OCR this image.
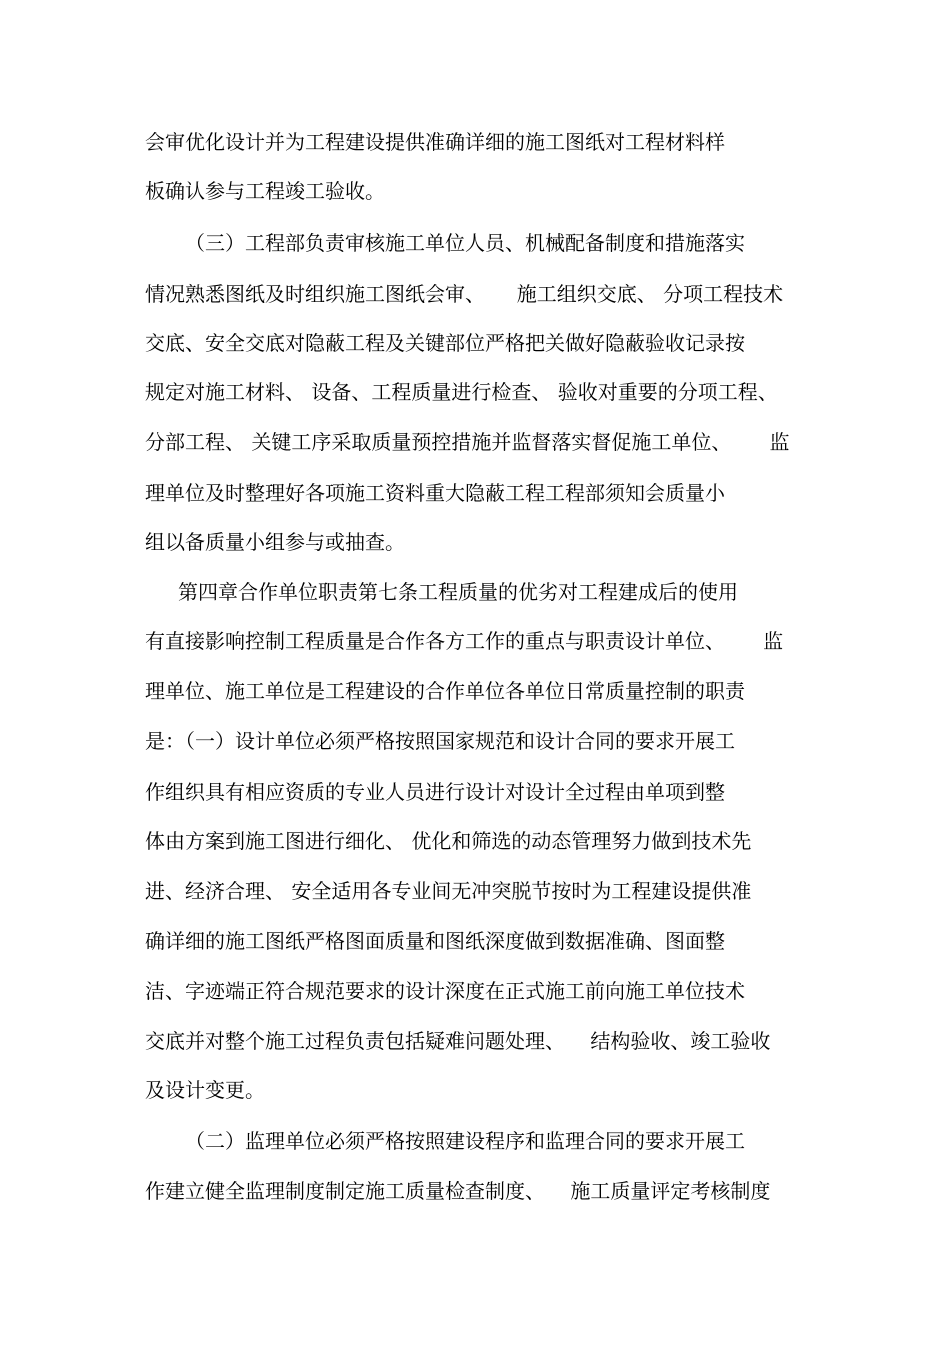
会审优化设计并为工程建设提供准确详细的施工图纸对工程材料样

板确认参与工程竣工验收。

（三）工程部负责审核施工单位人员、机械配备制度和措施落实

情况熟悉图纸及时组织施工图纸会审、     施工组织交底、 分项工程技术

交底、安全交底对隐蔽工程及关键部位严格把关做好隐蔽验收记录按

规定对施工材料、 设备、工程质量进行检查、 验收对重要的分项工程、

分部工程、 关键工序采取质量预控措施并监督落实督促施工单位、      监

理单位及时整理好各项施工资料重大隐蔽工程工程部须知会质量小

组以备质量小组参与或抽查。

第四章合作单位职责第七条工程质量的优劣对工程建成后的使用

有直接影响控制工程质量是合作各方工作的重点与职责设计单位、      监

理单位、施工单位是工程建设的合作单位各单位日常质量控制的职责

是：（一）设计单位必须严格按照国家规范和设计合同的要求开展工

作组织具有相应资质的专业人员进行设计对设计全过程由单项到整

体由方案到施工图进行细化、 优化和筛选的动态管理努力做到技术先

进、经济合理、 安全适用各专业间无冲突脱节按时为工程建设提供准

确详细的施工图纸严格图面质量和图纸深度做到数据准确、图面整

洁、字迹端正符合规范要求的设计深度在正式施工前向施工单位技术

交底并对整个施工过程负责包括疑难问题处理、    结构验收、竣工验收

及设计变更。

（二）监理单位必须严格按照建设程序和监理合同的要求开展工

作建立健全监理制度制定施工质量检查制度、    施工质量评定考核制度
